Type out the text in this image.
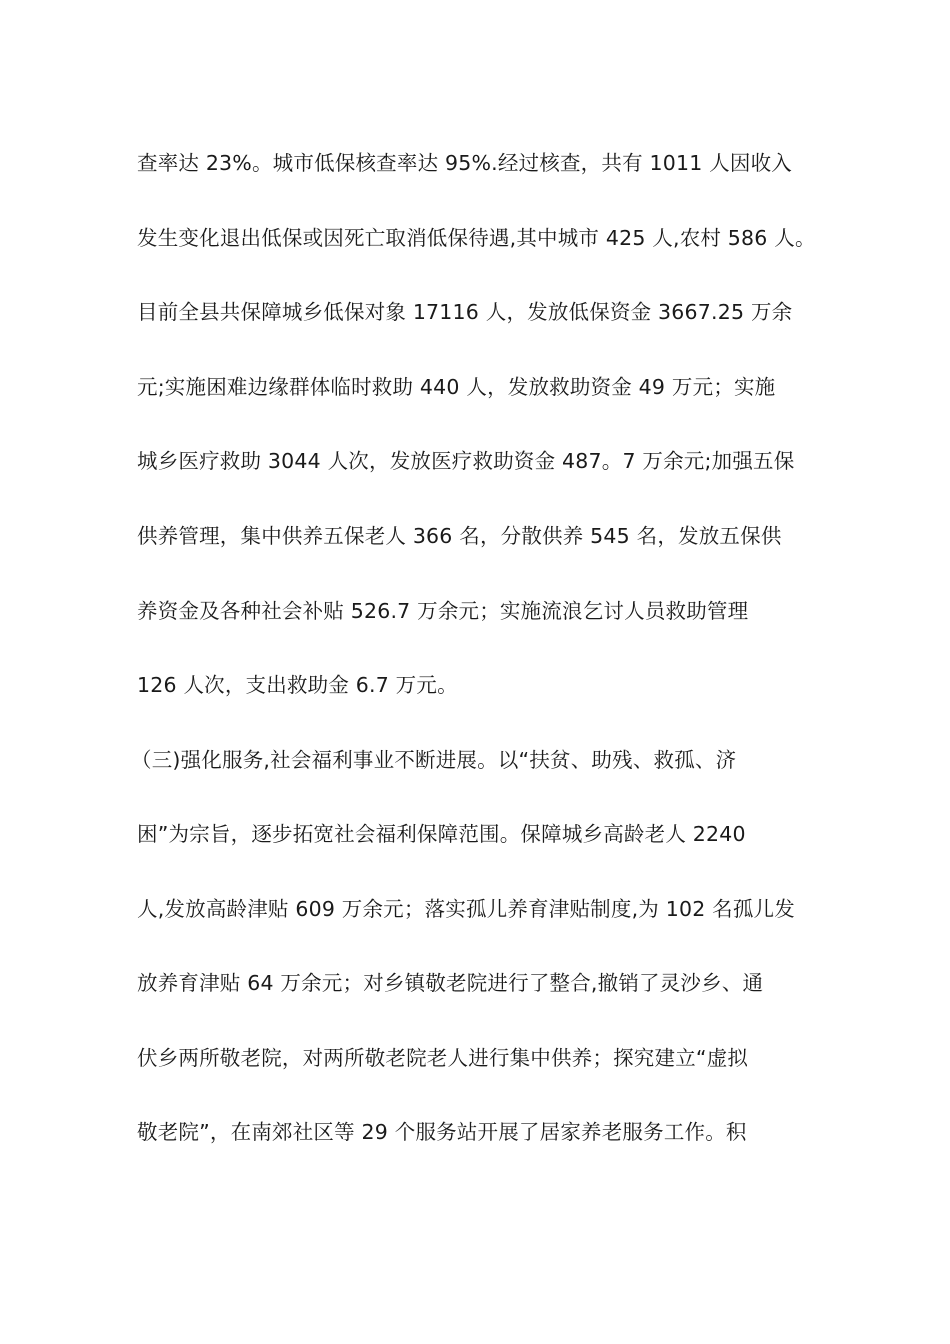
查率达 23%。城市低保核查率达 95%.经过核查，共有 1011 人因收入
发生变化退出低保或因死亡取消低保待遇,其中城市 425 人,农村 586 人。
目前全县共保障城乡低保对象 17116 人，发放低保资金 3667.25 万余
元;实施困难边缘群体临时救助 440 人，发放救助资金 49 万元；实施
城乡医疗救助 3044 人次，发放医疗救助资金 487。7 万余元;加强五保
供养管理，集中供养五保老人 366 名，分散供养 545 名，发放五保供
养资金及各种社会补贴 526.7 万余元；实施流浪乞讨人员救助管理
126 人次，支出救助金 6.7 万元。
（三)强化服务,社会福利事业不断进展。以“扶贫、助残、救孤、济
困”为宗旨，逐步拓宽社会福利保障范围。保障城乡高龄老人 2240
人,发放高龄津贴 609 万余元；落实孤儿养育津贴制度,为 102 名孤儿发
放养育津贴 64 万余元；对乡镇敬老院进行了整合,撤销了灵沙乡、通
伏乡两所敬老院，对两所敬老院老人进行集中供养；探究建立“虚拟
敬老院”，在南郊社区等 29 个服务站开展了居家养老服务工作。积
